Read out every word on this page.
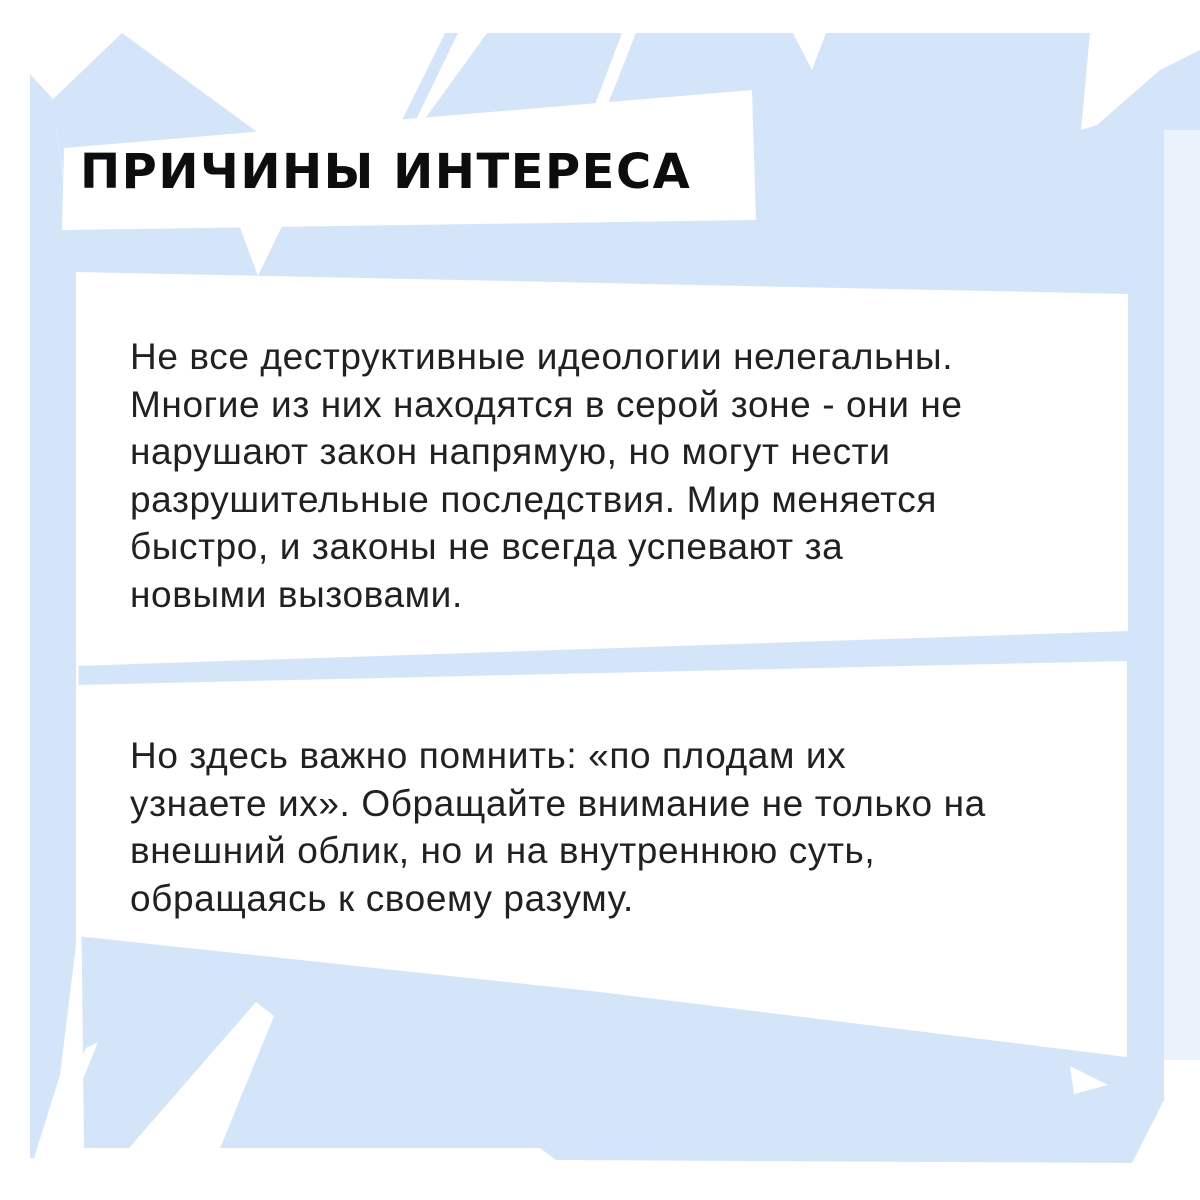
ПРИЧИНЫ ИНТЕРЕСА
Не все деструктивные идеологии нелегальны.
Многие из них находятся в серой зоне - они не
нарушают закон напрямую, но могут нести
разрушительные последствия. Мир меняется
быстро, и законы не всегда успевают за
новыми вызовами.
Но здесь важно помнить: «по плодам их
узнаете их». Обращайте внимание не только на
внешний облик, но и на внутреннюю суть,
обращаясь к своему разуму.
